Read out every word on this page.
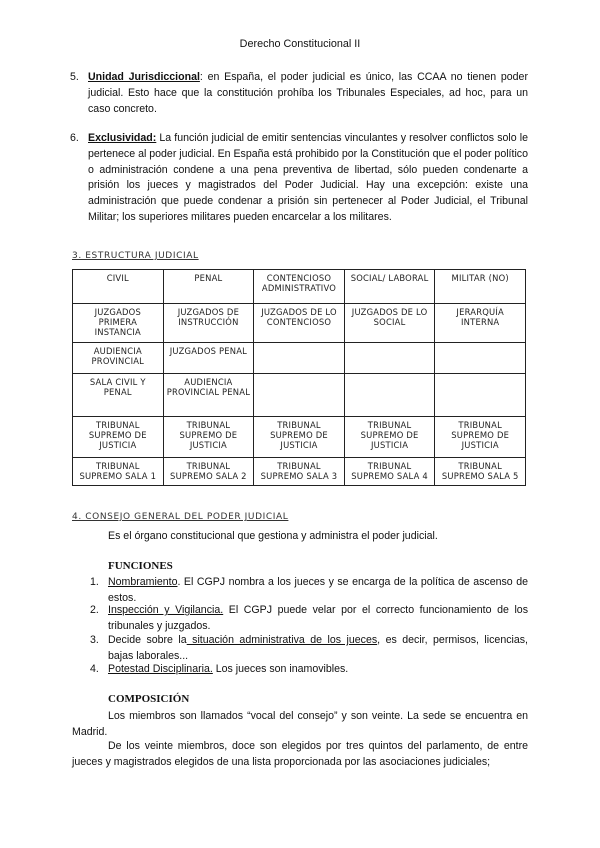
Derecho Constitucional II
5. Unidad Jurisdiccional: en España, el poder judicial es único, las CCAA no tienen poder judicial. Esto hace que la constitución prohíba los Tribunales Especiales, ad hoc, para un caso concreto.
6. Exclusividad: La función judicial de emitir sentencias vinculantes y resolver conflictos solo le pertenece al poder judicial. En España está prohibido por la Constitución que el poder político o administración condene a una pena preventiva de libertad, sólo pueden condenarte a prisión los jueces y magistrados del Poder Judicial. Hay una excepción: existe una administración que puede condenar a prisión sin pertenecer al Poder Judicial, el Tribunal Militar; los superiores militares pueden encarcelar a los militares.
3. ESTRUCTURA JUDICIAL
CIVIL	PENAL	CONTENCIOSO ADMINISTRATIVO	SOCIAL/ LABORAL	MILITAR (NO)
JUZGADOS PRIMERA INSTANCIA	JUZGADOS DE INSTRUCCIÓN	JUZGADOS DE LO CONTENCIOSO	JUZGADOS DE LO SOCIAL	JERARQUÍA INTERNA
AUDIENCIA PROVINCIAL	JUZGADOS PENAL			
SALA CIVIL Y PENAL	AUDIENCIA PROVINCIAL PENAL			
TRIBUNAL SUPREMO DE JUSTICIA	TRIBUNAL SUPREMO DE JUSTICIA	TRIBUNAL SUPREMO DE JUSTICIA	TRIBUNAL SUPREMO DE JUSTICIA	TRIBUNAL SUPREMO DE JUSTICIA
TRIBUNAL SUPREMO SALA 1	TRIBUNAL SUPREMO SALA 2	TRIBUNAL SUPREMO SALA 3	TRIBUNAL SUPREMO SALA 4	TRIBUNAL SUPREMO SALA 5
4. CONSEJO GENERAL DEL PODER JUDICIAL
Es el órgano constitucional que gestiona y administra el poder judicial.
FUNCIONES
1. Nombramiento. El CGPJ nombra a los jueces y se encarga de la política de ascenso de estos.
2. Inspección y Vigilancia. El CGPJ puede velar por el correcto funcionamiento de los tribunales y juzgados.
3. Decide sobre la situación administrativa de los jueces, es decir, permisos, licencias, bajas laborales...
4. Potestad Disciplinaria. Los jueces son inamovibles.
COMPOSICIÓN
Los miembros son llamados “vocal del consejo” y son veinte. La sede se encuentra en Madrid.
De los veinte miembros, doce son elegidos por tres quintos del parlamento, de entre jueces y magistrados elegidos de una lista proporcionada por las asociaciones judiciales;
